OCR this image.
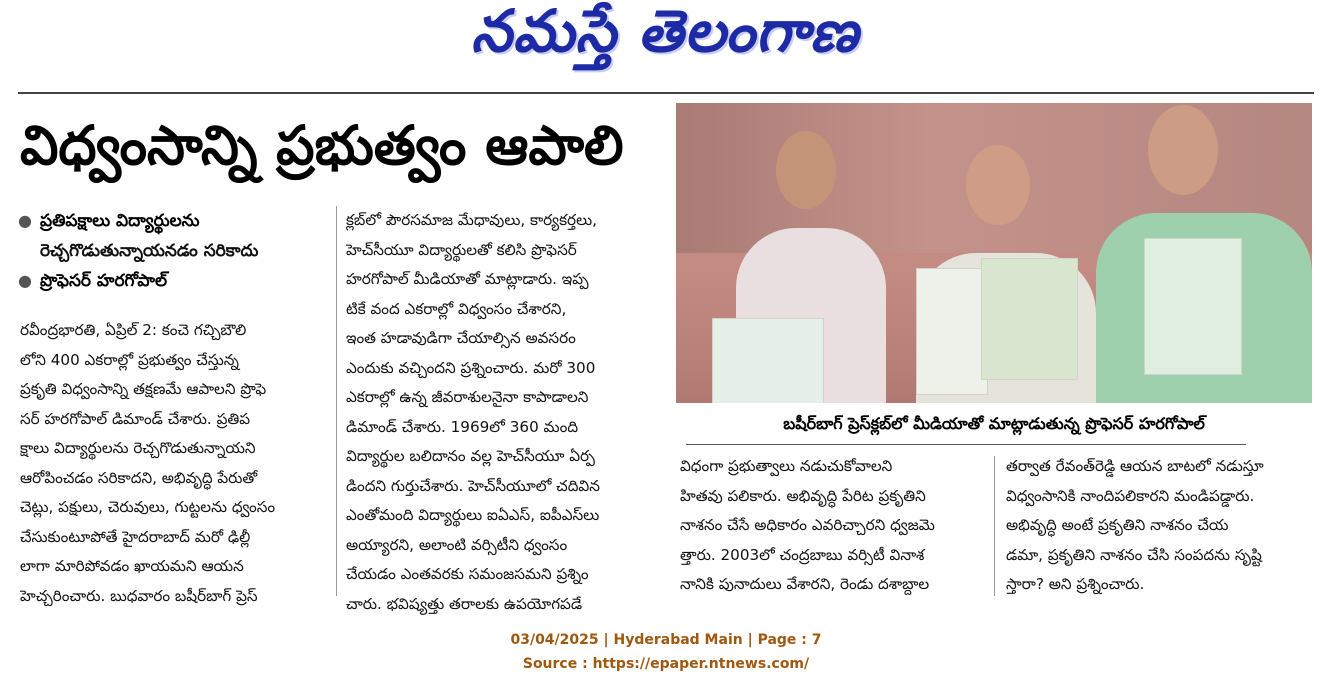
నమస్తే తెలంగాణ
విధ్వంసాన్ని ప్రభుత్వం ఆపాలి
● ప్రతిపక్షాలు విద్యార్థులను
రెచ్చగొడుతున్నాయనడం సరికాదు
● ప్రొఫెసర్ హరగోపాల్
రవీంద్రభారతి, ఏప్రిల్ 2: కంచె గచ్చిబౌలి
లోని 400 ఎకరాల్లో ప్రభుత్వం చేస్తున్న
ప్రకృతి విధ్వంసాన్ని తక్షణమే ఆపాలని ప్రొఫె
సర్ హరగోపాల్ డిమాండ్ చేశారు. ప్రతిప
క్షాలు విద్యార్థులను రెచ్చగొడుతున్నాయని
ఆరోపించడం సరికాదని, అభివృద్ధి పేరుతో
చెట్లు, పక్షులు, చెరువులు, గుట్టలను ధ్వంసం
చేసుకుంటూపోతే హైదరాబాద్ మరో ఢిల్లీ
లాగా మారిపోవడం ఖాయమని ఆయన
హెచ్చరించారు. బుధవారం బషీర్‌బాగ్ ప్రెస్
క్లబ్‌లో పౌరసమాజ మేధావులు, కార్యకర్తలు,
హెచ్‌సీయూ విద్యార్థులతో కలిసి ప్రొఫెసర్
హరగోపాల్ మీడియాతో మాట్లాడారు. ఇప్ప
టికే వంద ఎకరాల్లో విధ్వంసం చేశారని,
ఇంత హడావుడిగా చేయాల్సిన అవసరం
ఎందుకు వచ్చిందని ప్రశ్నించారు. మరో 300
ఎకరాల్లో ఉన్న జీవరాశులనైనా కాపాడాలని
డిమాండ్ చేశారు. 1969లో 360 మంది
విద్యార్థుల బలిదానం వల్ల హెచ్‌సీయూ ఏర్ప
డిందని గుర్తుచేశారు. హెచ్‌సీయూలో చదివిన
ఎంతోమంది విద్యార్థులు ఐఏఎస్, ఐపీఎస్‌లు
అయ్యారని, అలాంటి వర్సిటీని ధ్వంసం
చేయడం ఎంతవరకు సమంజసమని ప్రశ్నిం
చారు. భవిష్యత్తు తరాలకు ఉపయోగపడే
బషీర్‌బాగ్ ప్రెస్‌క్లబ్‌లో మీడియాతో మాట్లాడుతున్న ప్రొఫెసర్ హరగోపాల్
విధంగా ప్రభుత్వాలు నడుచుకోవాలని
హితవు పలికారు. అభివృద్ధి పేరిట ప్రకృతిని
నాశనం చేసే అధికారం ఎవరిచ్చారని ధ్వజమె
త్తారు. 2003లో చంద్రబాబు వర్సిటీ వినాశ
నానికి పునాదులు వేశారని, రెండు దశాబ్దాల
తర్వాత రేవంత్‌రెడ్డి ఆయన బాటలో నడుస్తూ
విధ్వంసానికి నాందిపలికారని మండిపడ్డారు.
అభివృద్ధి అంటే ప్రకృతిని నాశనం చేయ
డమా, ప్రకృతిని నాశనం చేసి సంపదను సృష్టి
స్తారా? అని ప్రశ్నించారు.
03/04/2025 | Hyderabad Main | Page : 7
Source : https://epaper.ntnews.com/
